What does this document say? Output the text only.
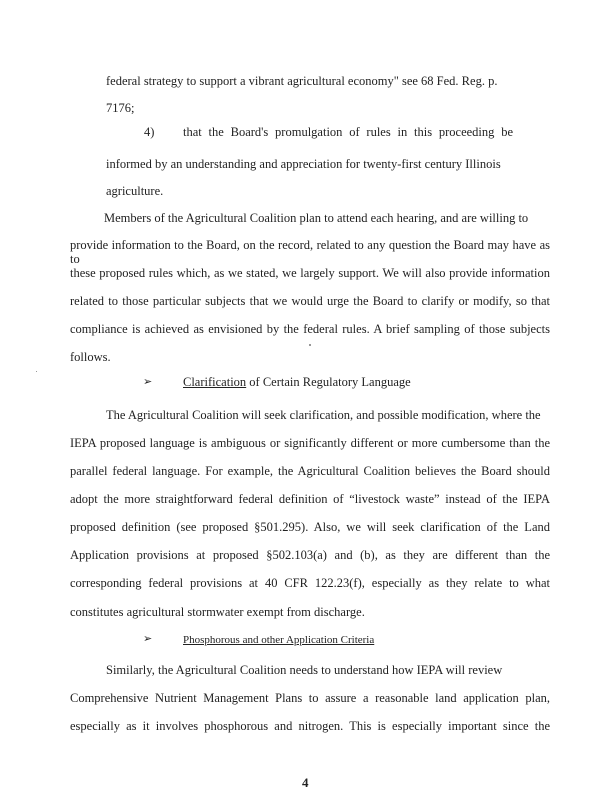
federal strategy to support a vibrant agricultural economy" see 68 Fed. Reg. p.
7176;
4) that the Board's promulgation of rules in this proceeding be
informed by an understanding and appreciation for twenty-first century Illinois
agriculture.
Members of the Agricultural Coalition plan to attend each hearing, and are willing to
provide information to the Board, on the record, related to any question the Board may have as to
these proposed rules which, as we stated, we largely support. We will also provide information
related to those particular subjects that we would urge the Board to clarify or modify, so that
compliance is achieved as envisioned by the federal rules. A brief sampling of those subjects
follows.
➢ Clarification of Certain Regulatory Language
The Agricultural Coalition will seek clarification, and possible modification, where the
IEPA proposed language is ambiguous or significantly different or more cumbersome than the
parallel federal language. For example, the Agricultural Coalition believes the Board should
adopt the more straightforward federal definition of “livestock waste” instead of the IEPA
proposed definition (see proposed §501.295). Also, we will seek clarification of the Land
Application provisions at proposed §502.103(a) and (b), as they are different than the
corresponding federal provisions at 40 CFR 122.23(f), especially as they relate to what
constitutes agricultural stormwater exempt from discharge.
➢	Phosphorous and other Application Criteria
Similarly, the Agricultural Coalition needs to understand how IEPA will review
Comprehensive Nutrient Management Plans to assure a reasonable land application plan,
especially as it involves phosphorous and nitrogen. This is especially important since the
4
